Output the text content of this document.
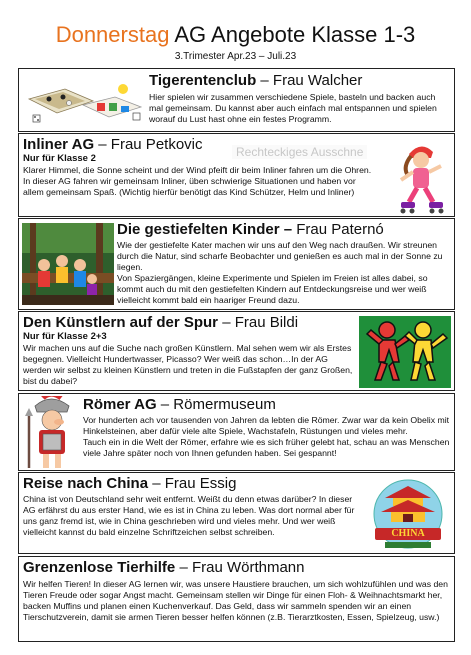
Donnerstag AG Angebote Klasse 1-3
3.Trimester Apr.23 – Juli.23
Tigerentenclub – Frau Walcher

Hier spielen wir zusammen verschiedene Spiele, basteln und backen auch mal gemeinsam. Du kannst aber auch einfach mal entspannen und spielen worauf du Lust hast ohne ein festes Programm.

Inliner AG – Frau Petkovic
Nur für Klasse 2

Klarer Himmel, die Sonne scheint und der Wind pfeift dir beim Inliner fahren um die Ohren. In dieser AG fahren wir gemeinsam Inliner, üben schwierige Situationen und haben vor allem gemeinsam Spaß. (Wichtig hierfür benötigt das Kind Schützer, Helm und Inliner)

Die gestiefelten Kinder – Frau Paternó

Wie der gestiefelte Kater machen wir uns auf den Weg nach draußen. Wir streunen durch die Natur, sind scharfe Beobachter und genießen es auch mal in der Sonne zu liegen.

Von Spaziergängen, kleine Experimente und Spielen im Freien ist alles dabei, so kommt auch du mit den gestiefelten Kindern auf Entdeckungsreise und wer weiß vielleicht kommt bald ein haariger Freund dazu.

Den Künstlern auf der Spur – Frau Bildi
Nur für Klasse 2+3

Wir machen uns auf die Suche nach großen Künstlern. Mal sehen wem wir als Erstes begegnen. Vielleicht Hundertwasser, Picasso? Wer weiß das schon…In der AG werden wir selbst zu kleinen Künstlern und treten in die Fußstapfen der ganz Großen, bist du dabei?

Römer AG – Römermuseum

Vor hunderten ach vor tausenden von Jahren da lebten die Römer. Zwar war da kein Obelix mit Hinkelsteinen, aber dafür viele alte Spiele, Wachstafeln, Rüstungen und vieles mehr.

Tauch ein in die Welt der Römer, erfahre wie es sich früher gelebt hat, schau an was Menschen viele Jahre später noch von Ihnen gefunden haben. Sei gespannt!

Reise nach China – Frau Essig

China ist von Deutschland sehr weit entfernt. Weißt du denn etwas darüber? In dieser AG erfährst du aus erster Hand, wie es ist in China zu leben. Was dort normal aber für uns ganz fremd ist, wie in China geschrieben wird und vieles mehr. Und wer weiß vielleicht kannst du bald einzelne Schriftzeichen selbst schreiben.	CHINA
Grenzenlose Tierhilfe – Frau Wörthmann

Wir helfen Tieren! In dieser AG lernen wir, was unsere Haustiere brauchen, um sich wohlzufühlen und was den Tieren Freude oder sogar Angst macht. Gemeinsam stellen wir Dinge für einen Floh- & Weihnachtsmarkt her, backen Muffins und planen einen Kuchenverkauf. Das Geld, dass wir sammeln spenden wir an einen Tierschutzverein, damit sie armen Tieren besser helfen können (z.B. Tierarztkosten, Essen, Spielzeug, usw.)

Rechteckiges Ausschne
